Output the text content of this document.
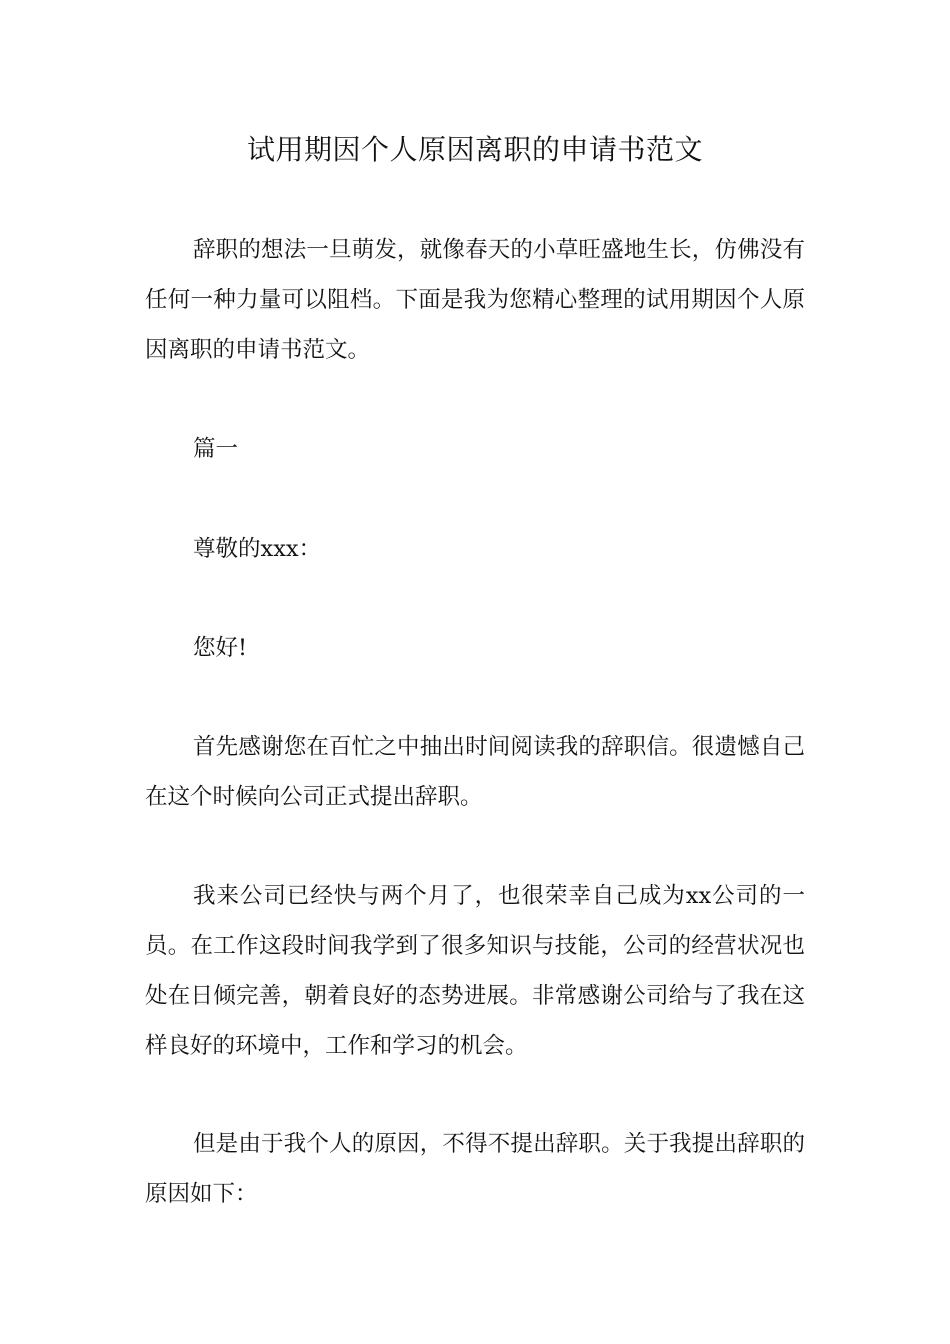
试用期因个人原因离职的申请书范文

辞职的想法一旦萌发，就像春天的小草旺盛地生长，仿佛没有任何一种力量可以阻档。下面是我为您精心整理的试用期因个人原因离职的申请书范文。

篇一

尊敬的xxx：

您好!

首先感谢您在百忙之中抽出时间阅读我的辞职信。很遗憾自己在这个时候向公司正式提出辞职。

我来公司已经快与两个月了，也很荣幸自己成为xx公司的一员。在工作这段时间我学到了很多知识与技能，公司的经营状况也处在日倾完善，朝着良好的态势进展。非常感谢公司给与了我在这样良好的环境中，工作和学习的机会。

但是由于我个人的原因，不得不提出辞职。关于我提出辞职的原因如下：
